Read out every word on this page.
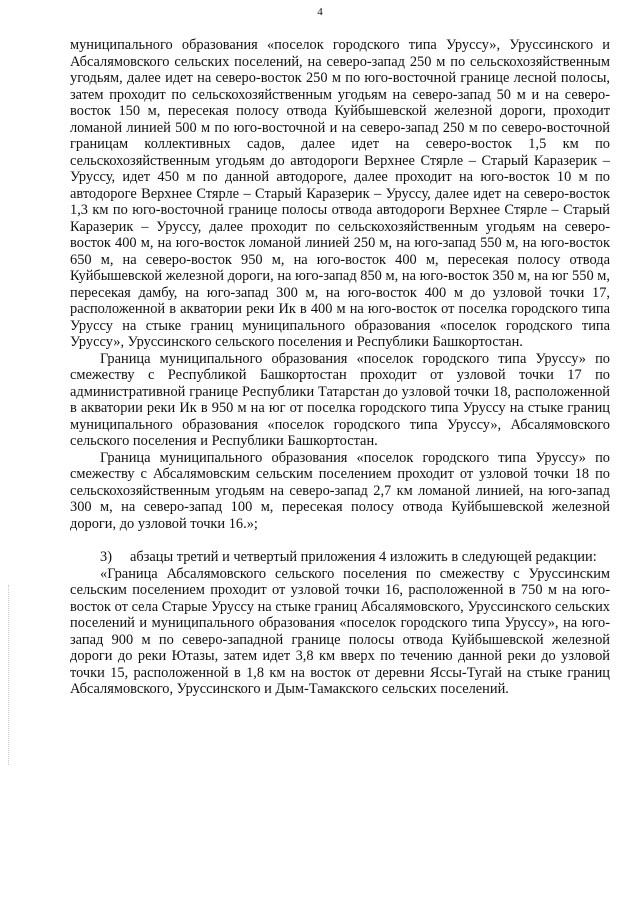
4

муниципального образования «поселок городского типа Уруссу», Уруссинского и Абсалямовского сельских поселений, на северо-запад 250 м по сельскохозяйственным угодьям, далее идет на северо-восток 250 м по юго-восточной границе лесной полосы, затем проходит по сельскохозяйственным угодьям на северо-запад 50 м и на северо-восток 150 м, пересекая полосу отвода Куйбышевской железной дороги, проходит ломаной линией 500 м по юго-восточной и на северо-запад 250 м по северо-восточной границам коллективных садов, далее идет на северо-восток 1,5 км по сельскохозяйственным угодьям до автодороги Верхнее Стярле – Старый Каразерик – Уруссу, идет 450 м по данной автодороге, далее проходит на юго-восток 10 м по автодороге Верхнее Стярле – Старый Каразерик – Уруссу, далее идет на северо-восток 1,3 км по юго-восточной границе полосы отвода автодороги Верхнее Стярле – Старый Каразерик – Уруссу, далее проходит по сельскохозяйственным угодьям на северо-восток 400 м, на юго-восток ломаной линией 250 м, на юго-запад 550 м, на юго-восток 650 м, на северо-восток 950 м, на юго-восток 400 м, пересекая полосу отвода Куйбышевской железной дороги, на юго-запад 850 м, на юго-восток 350 м, на юг 550 м, пересекая дамбу, на юго-запад 300 м, на юго-восток 400 м до узловой точки 17, расположенной в акватории реки Ик в 400 м на юго-восток от поселка городского типа Уруссу на стыке границ муниципального образования «поселок городского типа Уруссу», Уруссинского сельского поселения и Республики Башкортостан.

Граница муниципального образования «поселок городского типа Уруссу» по смежеству с Республикой Башкортостан проходит от узловой точки 17 по административной границе Республики Татарстан до узловой точки 18, расположенной в акватории реки Ик в 950 м на юг от поселка городского типа Уруссу на стыке границ муниципального образования «поселок городского типа Уруссу», Абсалямовского сельского поселения и Республики Башкортостан.

Граница муниципального образования «поселок городского типа Уруссу» по смежеству с Абсалямовским сельским поселением проходит от узловой точки 18 по сельскохозяйственным угодьям на северо-запад 2,7 км ломаной линией, на юго-запад 300 м, на северо-запад 100 м, пересекая полосу отвода Куйбышевской железной дороги, до узловой точки 16.»;

3) абзацы третий и четвертый приложения 4 изложить в следующей редакции:

«Граница Абсалямовского сельского поселения по смежеству с Уруссинским сельским поселением проходит от узловой точки 16, расположенной в 750 м на юго-восток от села Старые Уруссу на стыке границ Абсалямовского, Уруссинского сельских поселений и муниципального образования «поселок городского типа Уруссу», на юго-запад 900 м по северо-западной границе полосы отвода Куйбышевской железной дороги до реки Ютазы, затем идет 3,8 км вверх по течению данной реки до узловой точки 15, расположенной в 1,8 км на восток от деревни Яссы-Тугай на стыке границ Абсалямовского, Уруссинского и Дым-Тамакского сельских поселений.
